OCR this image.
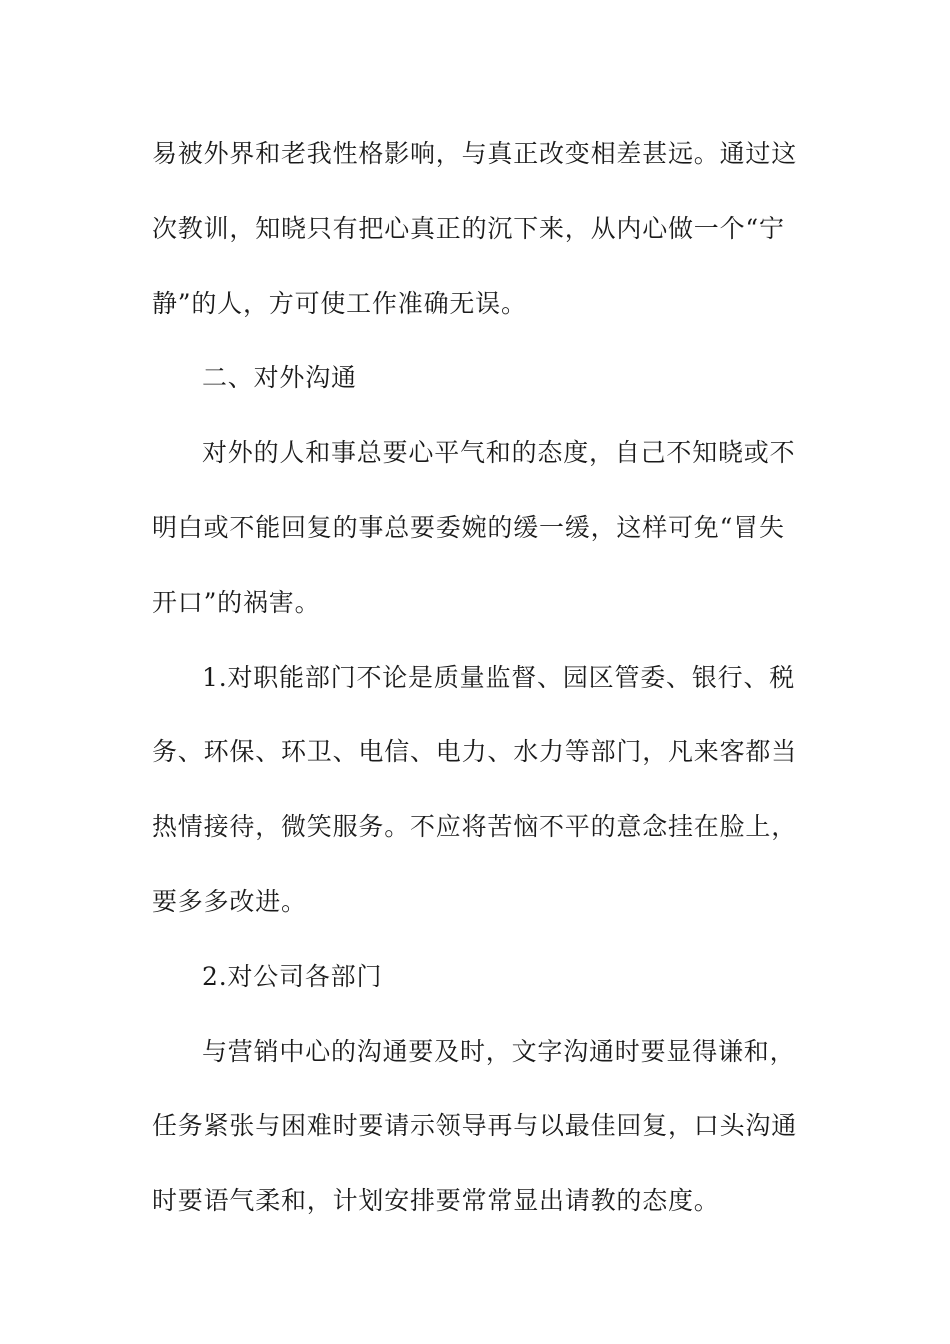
易被外界和老我性格影响，与真正改变相差甚远。通过这
次教训，知晓只有把心真正的沉下来，从内心做一个“宁
静”的人，方可使工作准确无误。
二、对外沟通
对外的人和事总要心平气和的态度，自己不知晓或不
明白或不能回复的事总要委婉的缓一缓，这样可免“冒失
开口”的祸害。
1.对职能部门不论是质量监督、园区管委、银行、税
务、环保、环卫、电信、电力、水力等部门，凡来客都当
热情接待，微笑服务。不应将苦恼不平的意念挂在脸上，
要多多改进。
2.对公司各部门
与营销中心的沟通要及时，文字沟通时要显得谦和，
任务紧张与困难时要请示领导再与以最佳回复，口头沟通
时要语气柔和，计划安排要常常显出请教的态度。
